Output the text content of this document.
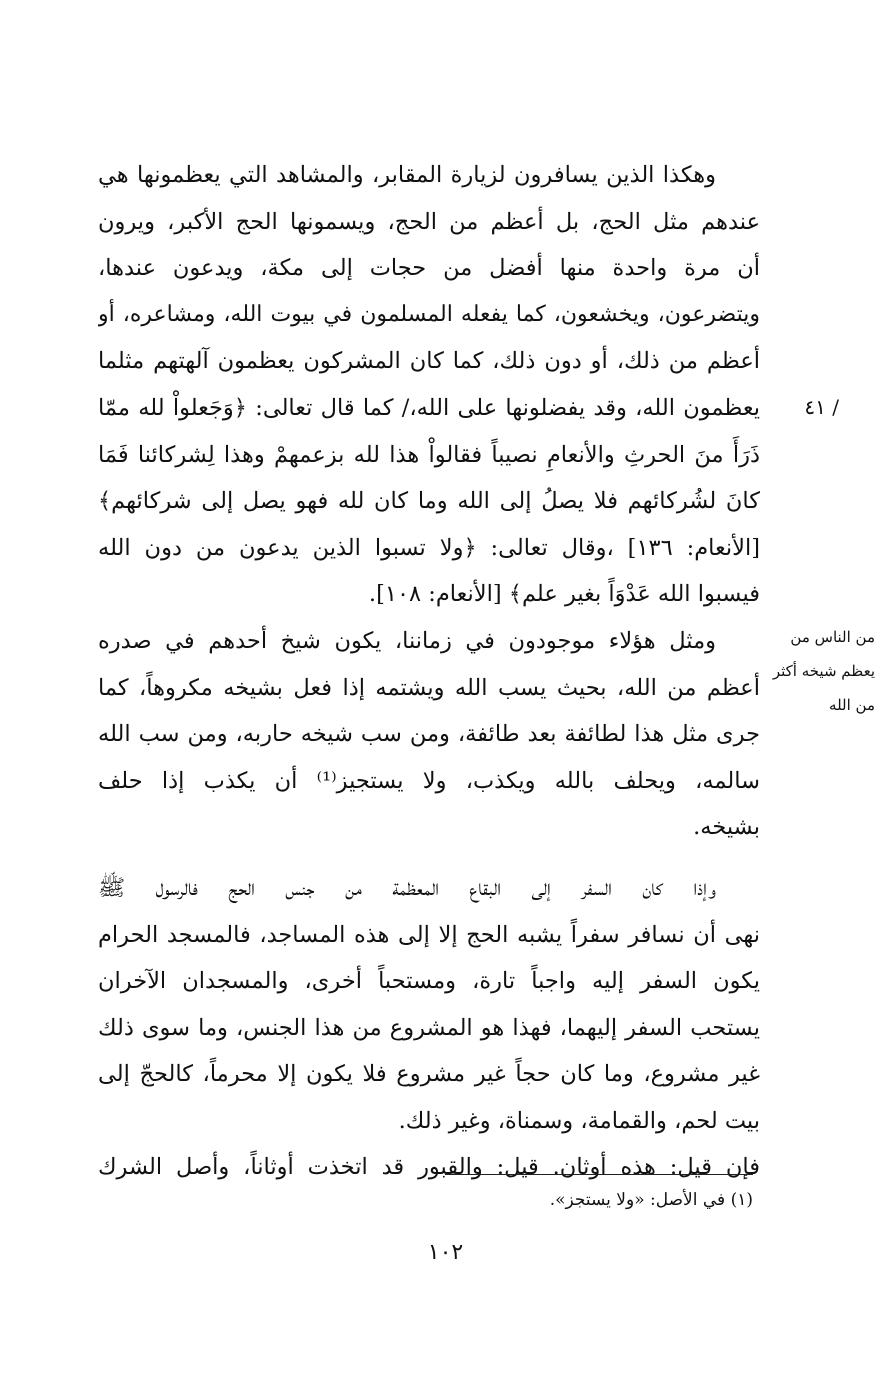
وهكذا الذين يسافرون لزيارة المقابر، والمشاهد التي يعظمونها هي
عندهم مثل الحج، بل أعظم من الحج، ويسمونها الحج الأكبر، ويرون
أن مرة واحدة منها أفضل من حجات إلى مكة، ويدعون عندها،
ويتضرعون، ويخشعون، كما يفعله المسلمون في بيوت الله، ومشاعره، أو
أعظم من ذلك، أو دون ذلك، كما كان المشركون يعظمون آلهتهم مثلما
يعظمون الله، وقد يفضلونها على الله،/ كما قال تعالى: ﴿وَجَعلواْ لله ممّا
ذَرَأَ منَ الحرثِ والأنعامِ نصيباً فقالواْ هذا لله بزعمهمْ وهذا لِشركائنا فَمَا
كانَ لشُركائهم فلا يصلُ إلى الله وما كان لله فهو يصل إلى شركائهم﴾
[الأنعام: ١٣٦] ،وقال تعالى: ﴿ولا تسبوا الذين يدعون من دون الله
فيسبوا الله عَدْوَاً بغير علم﴾ [الأنعام: ١٠٨].
ومثل هؤلاء موجودون في زماننا، يكون شيخ أحدهم في صدره
أعظم من الله، بحيث يسب الله ويشتمه إذا فعل بشيخه مكروهاً، كما
جرى مثل هذا لطائفة بعد طائفة، ومن سب شيخه حاربه، ومن سب الله
سالمه، ويحلف بالله ويكذب، ولا يستجيز⁽¹⁾ أن يكذب إذا حلف
بشيخه.
وإذا كان السفر إلى البقاع المعظمة من جنس الحج فالرسول ﷺ
نهى أن نسافر سفراً يشبه الحج إلا إلى هذه المساجد، فالمسجد الحرام
يكون السفر إليه واجباً تارة، ومستحباً أخرى، والمسجدان الآخران
يستحب السفر إليهما، فهذا هو المشروع من هذا الجنس، وما سوى ذلك
غير مشروع، وما كان حجاً غير مشروع فلا يكون إلا محرماً، كالحجّ إلى
بيت لحم، والقمامة، وسمناة، وغير ذلك.
فإن قيل: هذه أوثان. قيل: والقبور قد اتخذت أوثاناً، وأصل الشرك
/ ٤١
من الناس من
يعظم شيخه أكثر
من الله
(١) في الأصل: «ولا يستجز».
١٠٢
